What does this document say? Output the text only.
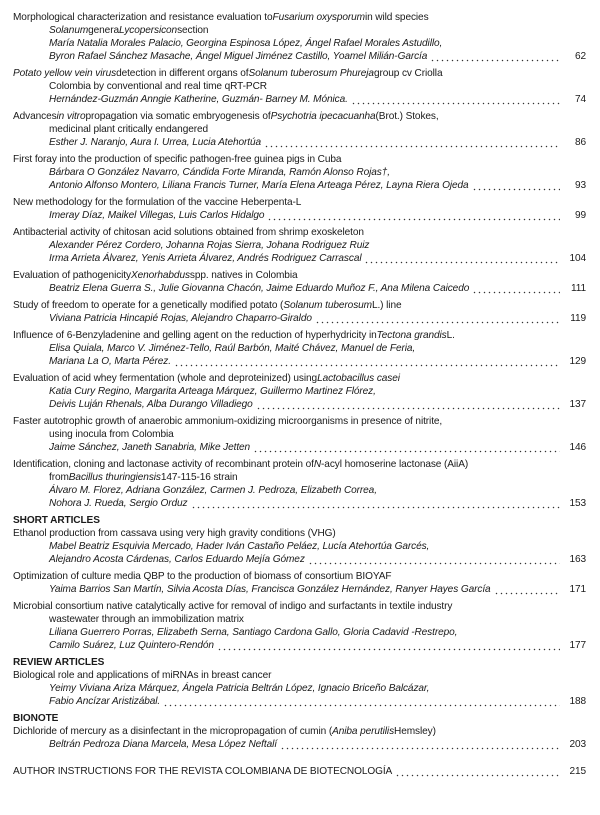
Morphological characterization and resistance evaluation to Fusarium oxysporum in wild species
Solanum genera Lycopersicon section
María Natalia Morales Palacio, Georgina Espinosa López, Ángel Rafael Morales Astudillo,
Byron Rafael Sánchez Masache, Ángel Miguel Jiménez Castillo, Yoamel Milián-García	62
Potato yellow vein virus detection in different organs of Solanum tuberosum Phureja group cv Criolla
Colombia by conventional and real time qRT-PCR
Hernández-Guzmán Anngie Katherine, Guzmán- Barney M. Mónica.	74
Advances in vitro propagation via somatic embryogenesis of Psychotria ipecacuanha (Brot.) Stokes,
medicinal plant critically endangered
Esther J. Naranjo, Aura I. Urrea, Lucia Atehortúa	86
First foray into the production of specific pathogen-free guinea pigs in Cuba
Bárbara O González Navarro, Cándida Forte Miranda, Ramón Alonso Rojas†,
Antonio Alfonso Montero, Liliana Francis Turner, María Elena Arteaga Pérez, Layna Riera Ojeda	93
New methodology for the formulation of the vaccine Heberpenta-L
Imeray Díaz, Maikel Villegas, Luis Carlos Hidalgo	99
Antibacterial activity of chitosan acid solutions obtained from shrimp exoskeleton
Alexander Pérez Cordero, Johanna Rojas Sierra, Johana Rodriguez Ruiz
Irma Arrieta Álvarez, Yenis Arrieta Álvarez, Andrés Rodriguez Carrascal	104
Evaluation of pathogenicity Xenorhabdus spp. natives in Colombia
Beatriz Elena Guerra S., Julie Giovanna Chacón, Jaime Eduardo Muñoz F., Ana Milena Caicedo	111
Study of freedom to operate for a genetically modified potato ( Solanum tuberosum L.) line
Viviana Patricia Hincapié Rojas, Alejandro Chaparro-Giraldo	119
Influence of 6-Benzyladenine and gelling agent on the reduction of hyperhydricity in Tectona grandis L.
Elisa Quiala, Marco V. Jiménez-Tello, Raúl Barbón, Maité Chávez, Manuel de Feria,
Mariana La O, Marta Pérez.	129
Evaluation of acid whey fermentation (whole and deproteinized) using Lactobacillus casei
Katia Cury Regino, Margarita Arteaga Márquez, Guillermo Martinez Flórez,
Deivis Luján Rhenals, Alba Durango Villadiego	137
Faster autotrophic growth of anaerobic ammonium-oxidizing microorganisms in presence of nitrite,
using inocula from Colombia
Jaime Sánchez, Janeth Sanabria, Mike Jetten	146
Identification, cloning and lactonase activity of recombinant protein of N -acyl homoserine lactonase (AiiA)
from Bacillus thuringiensis 147-115-16 strain
Álvaro M. Florez, Adriana González, Carmen J. Pedroza, Elizabeth Correa,
Nohora J. Rueda, Sergio Orduz	153
SHORT ARTICLES
Ethanol production from cassava using very high gravity conditions (VHG)
Mabel Beatriz Esquivia Mercado, Hader Iván Castaño Peláez, Lucía Atehortúa Garcés,
Alejandro Acosta Cárdenas, Carlos Eduardo Mejía Gómez	163
Optimization of culture media QBP to the production of biomass of consortium BIOYAF
Yaima Barrios San Martín, Silvia Acosta Días, Francisca González Hernández, Ranyer Hayes García	171
Microbial consortium native catalytically active for removal of indigo and surfactants in textile industry
wastewater through an immobilization matrix
Liliana Guerrero Porras, Elizabeth Serna, Santiago Cardona Gallo, Gloria Cadavid -Restrepo,
Camilo Suárez, Luz Quintero-Rendón	177
REVIEW ARTICLES
Biological role and applications of miRNAs in breast cancer
Yeimy Viviana Ariza Márquez, Ángela Patricia Beltrán López, Ignacio Briceño Balcázar,
Fabio Ancízar Aristizábal.	188
BIONOTE
Dichloride of mercury as a disinfectant in the micropropagation of cumin ( Aniba perutilis Hemsley)
Beltrán Pedroza Diana Marcela, Mesa López Neftalí	203
AUTHOR INSTRUCTIONS FOR THE REVISTA COLOMBIANA DE BIOTECNOLOGÍA	215
